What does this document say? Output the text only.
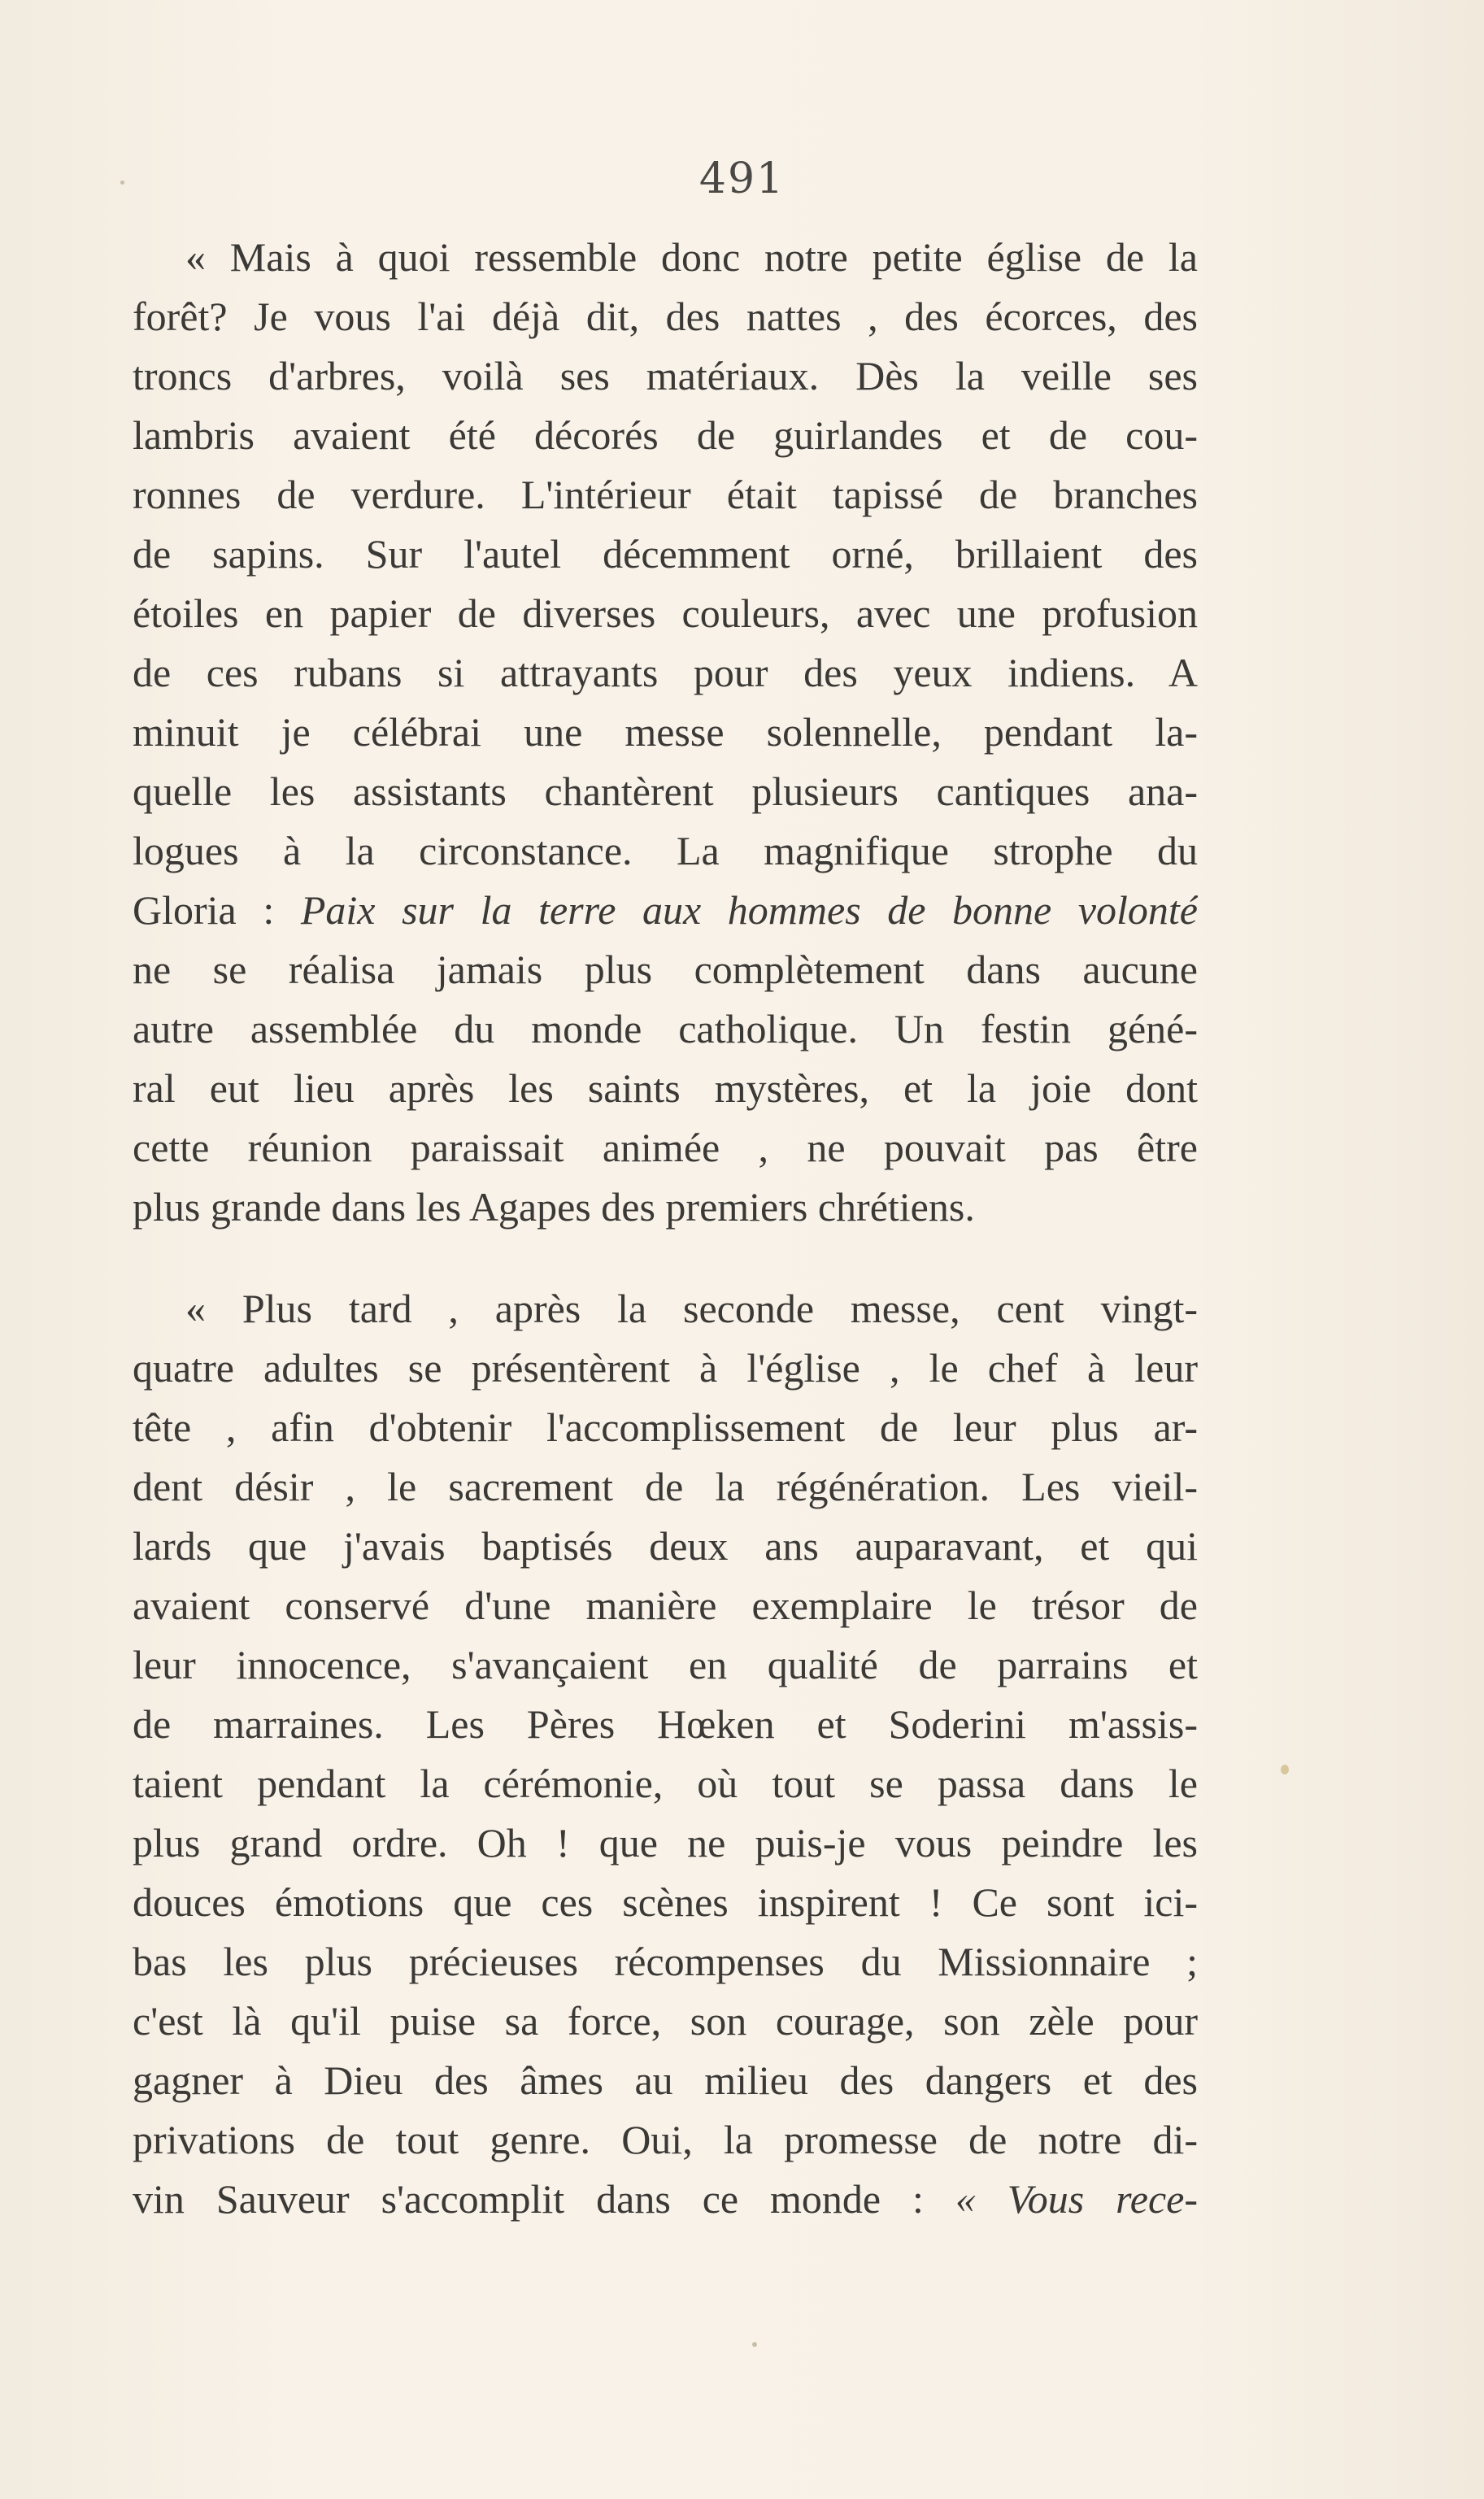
491
« Mais à quoi ressemble donc notre petite église de la
forêt? Je vous l'ai déjà dit, des nattes , des écorces, des
troncs d'arbres, voilà ses matériaux. Dès la veille ses
lambris avaient été décorés de guirlandes et de cou-
ronnes de verdure. L'intérieur était tapissé de branches
de sapins. Sur l'autel décemment orné, brillaient des
étoiles en papier de diverses couleurs, avec une profusion
de ces rubans si attrayants pour des yeux indiens. A
minuit je célébrai une messe solennelle, pendant la-
quelle les assistants chantèrent plusieurs cantiques ana-
logues à la circonstance. La magnifique strophe du
Gloria : Paix sur la terre aux hommes de bonne volonté
ne se réalisa jamais plus complètement dans aucune
autre assemblée du monde catholique. Un festin géné-
ral eut lieu après les saints mystères, et la joie dont
cette réunion paraissait animée , ne pouvait pas être
plus grande dans les Agapes des premiers chrétiens.
« Plus tard , après la seconde messe, cent vingt-
quatre adultes se présentèrent à l'église , le chef à leur
tête , afin d'obtenir l'accomplissement de leur plus ar-
dent désir , le sacrement de la régénération. Les vieil-
lards que j'avais baptisés deux ans auparavant, et qui
avaient conservé d'une manière exemplaire le trésor de
leur innocence, s'avançaient en qualité de parrains et
de marraines. Les Pères Hœken et Soderini m'assis-
taient pendant la cérémonie, où tout se passa dans le
plus grand ordre. Oh ! que ne puis-je vous peindre les
douces émotions que ces scènes inspirent ! Ce sont ici-
bas les plus précieuses récompenses du Missionnaire ;
c'est là qu'il puise sa force, son courage, son zèle pour
gagner à Dieu des âmes au milieu des dangers et des
privations de tout genre. Oui, la promesse de notre di-
vin Sauveur s'accomplit dans ce monde : « Vous rece-
